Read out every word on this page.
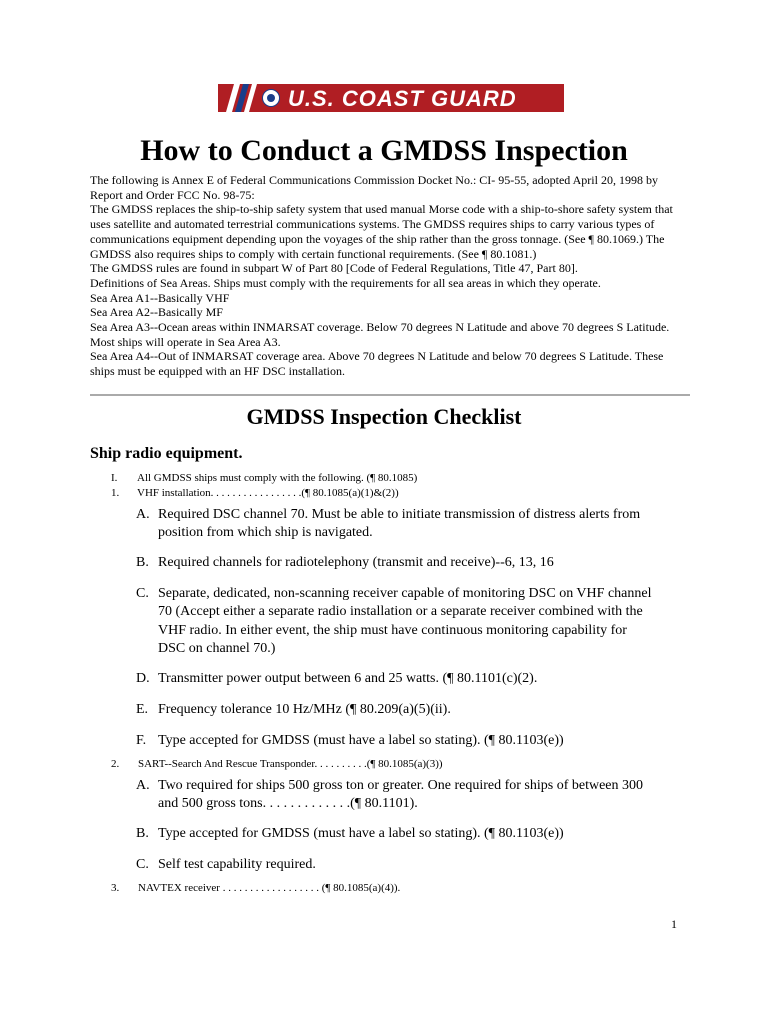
U.S. COAST GUARD
How to Conduct a GMDSS Inspection

The following is Annex E of Federal Communications Commission Docket No.: CI- 95-55, adopted April 20, 1998 by Report and Order FCC No. 98-75:

The GMDSS replaces the ship-to-ship safety system that used manual Morse code with a ship-to-shore safety system that uses satellite and automated terrestrial communications systems. The GMDSS requires ships to carry various types of communications equipment depending upon the voyages of the ship rather than the gross tonnage. (See ¶ 80.1069.) The GMDSS also requires ships to comply with certain functional requirements. (See ¶ 80.1081.)

The GMDSS rules are found in subpart W of Part 80 [Code of Federal Regulations, Title 47, Part 80].

Definitions of Sea Areas. Ships must comply with the requirements for all sea areas in which they operate.

Sea Area A1--Basically VHF

Sea Area A2--Basically MF

Sea Area A3--Ocean areas within INMARSAT coverage. Below 70 degrees N Latitude and above 70 degrees S Latitude. Most ships will operate in Sea Area A3.

Sea Area A4--Out of INMARSAT coverage area. Above 70 degrees N Latitude and below 70 degrees S Latitude. These ships must be equipped with an HF DSC installation.

GMDSS Inspection Checklist
Ship radio equipment.
I. All GMDSS ships must comply with the following. (¶ 80.1085)
1. VHF installation. . . . . . . . . . . . . . . . .(¶ 80.1085(a)(1)&(2))
A. Required DSC channel 70. Must be able to initiate transmission of distress alerts from position from which ship is navigated.
B. Required channels for radiotelephony (transmit and receive)--6, 13, 16
C. Separate, dedicated, non-scanning receiver capable of monitoring DSC on VHF channel 70 (Accept either a separate radio installation or a separate receiver combined with the VHF radio. In either event, the ship must have continuous monitoring capability for DSC on channel 70.)
D. Transmitter power output between 6 and 25 watts. (¶ 80.1101(c)(2).
E. Frequency tolerance 10 Hz/MHz (¶ 80.209(a)(5)(ii).
F. Type accepted for GMDSS (must have a label so stating). (¶ 80.1103(e))
2. SART--Search And Rescue Transponder. . . . . . . . . .(¶ 80.1085(a)(3))
A. Two required for ships 500 gross ton or greater. One required for ships of between 300 and 500 gross tons. . . . . . . . . . . . .(¶ 80.1101).
B. Type accepted for GMDSS (must have a label so stating). (¶ 80.1103(e))
C. Self test capability required.
3. NAVTEX receiver . . . . . . . . . . . . . . . . . . (¶ 80.1085(a)(4)).
1
